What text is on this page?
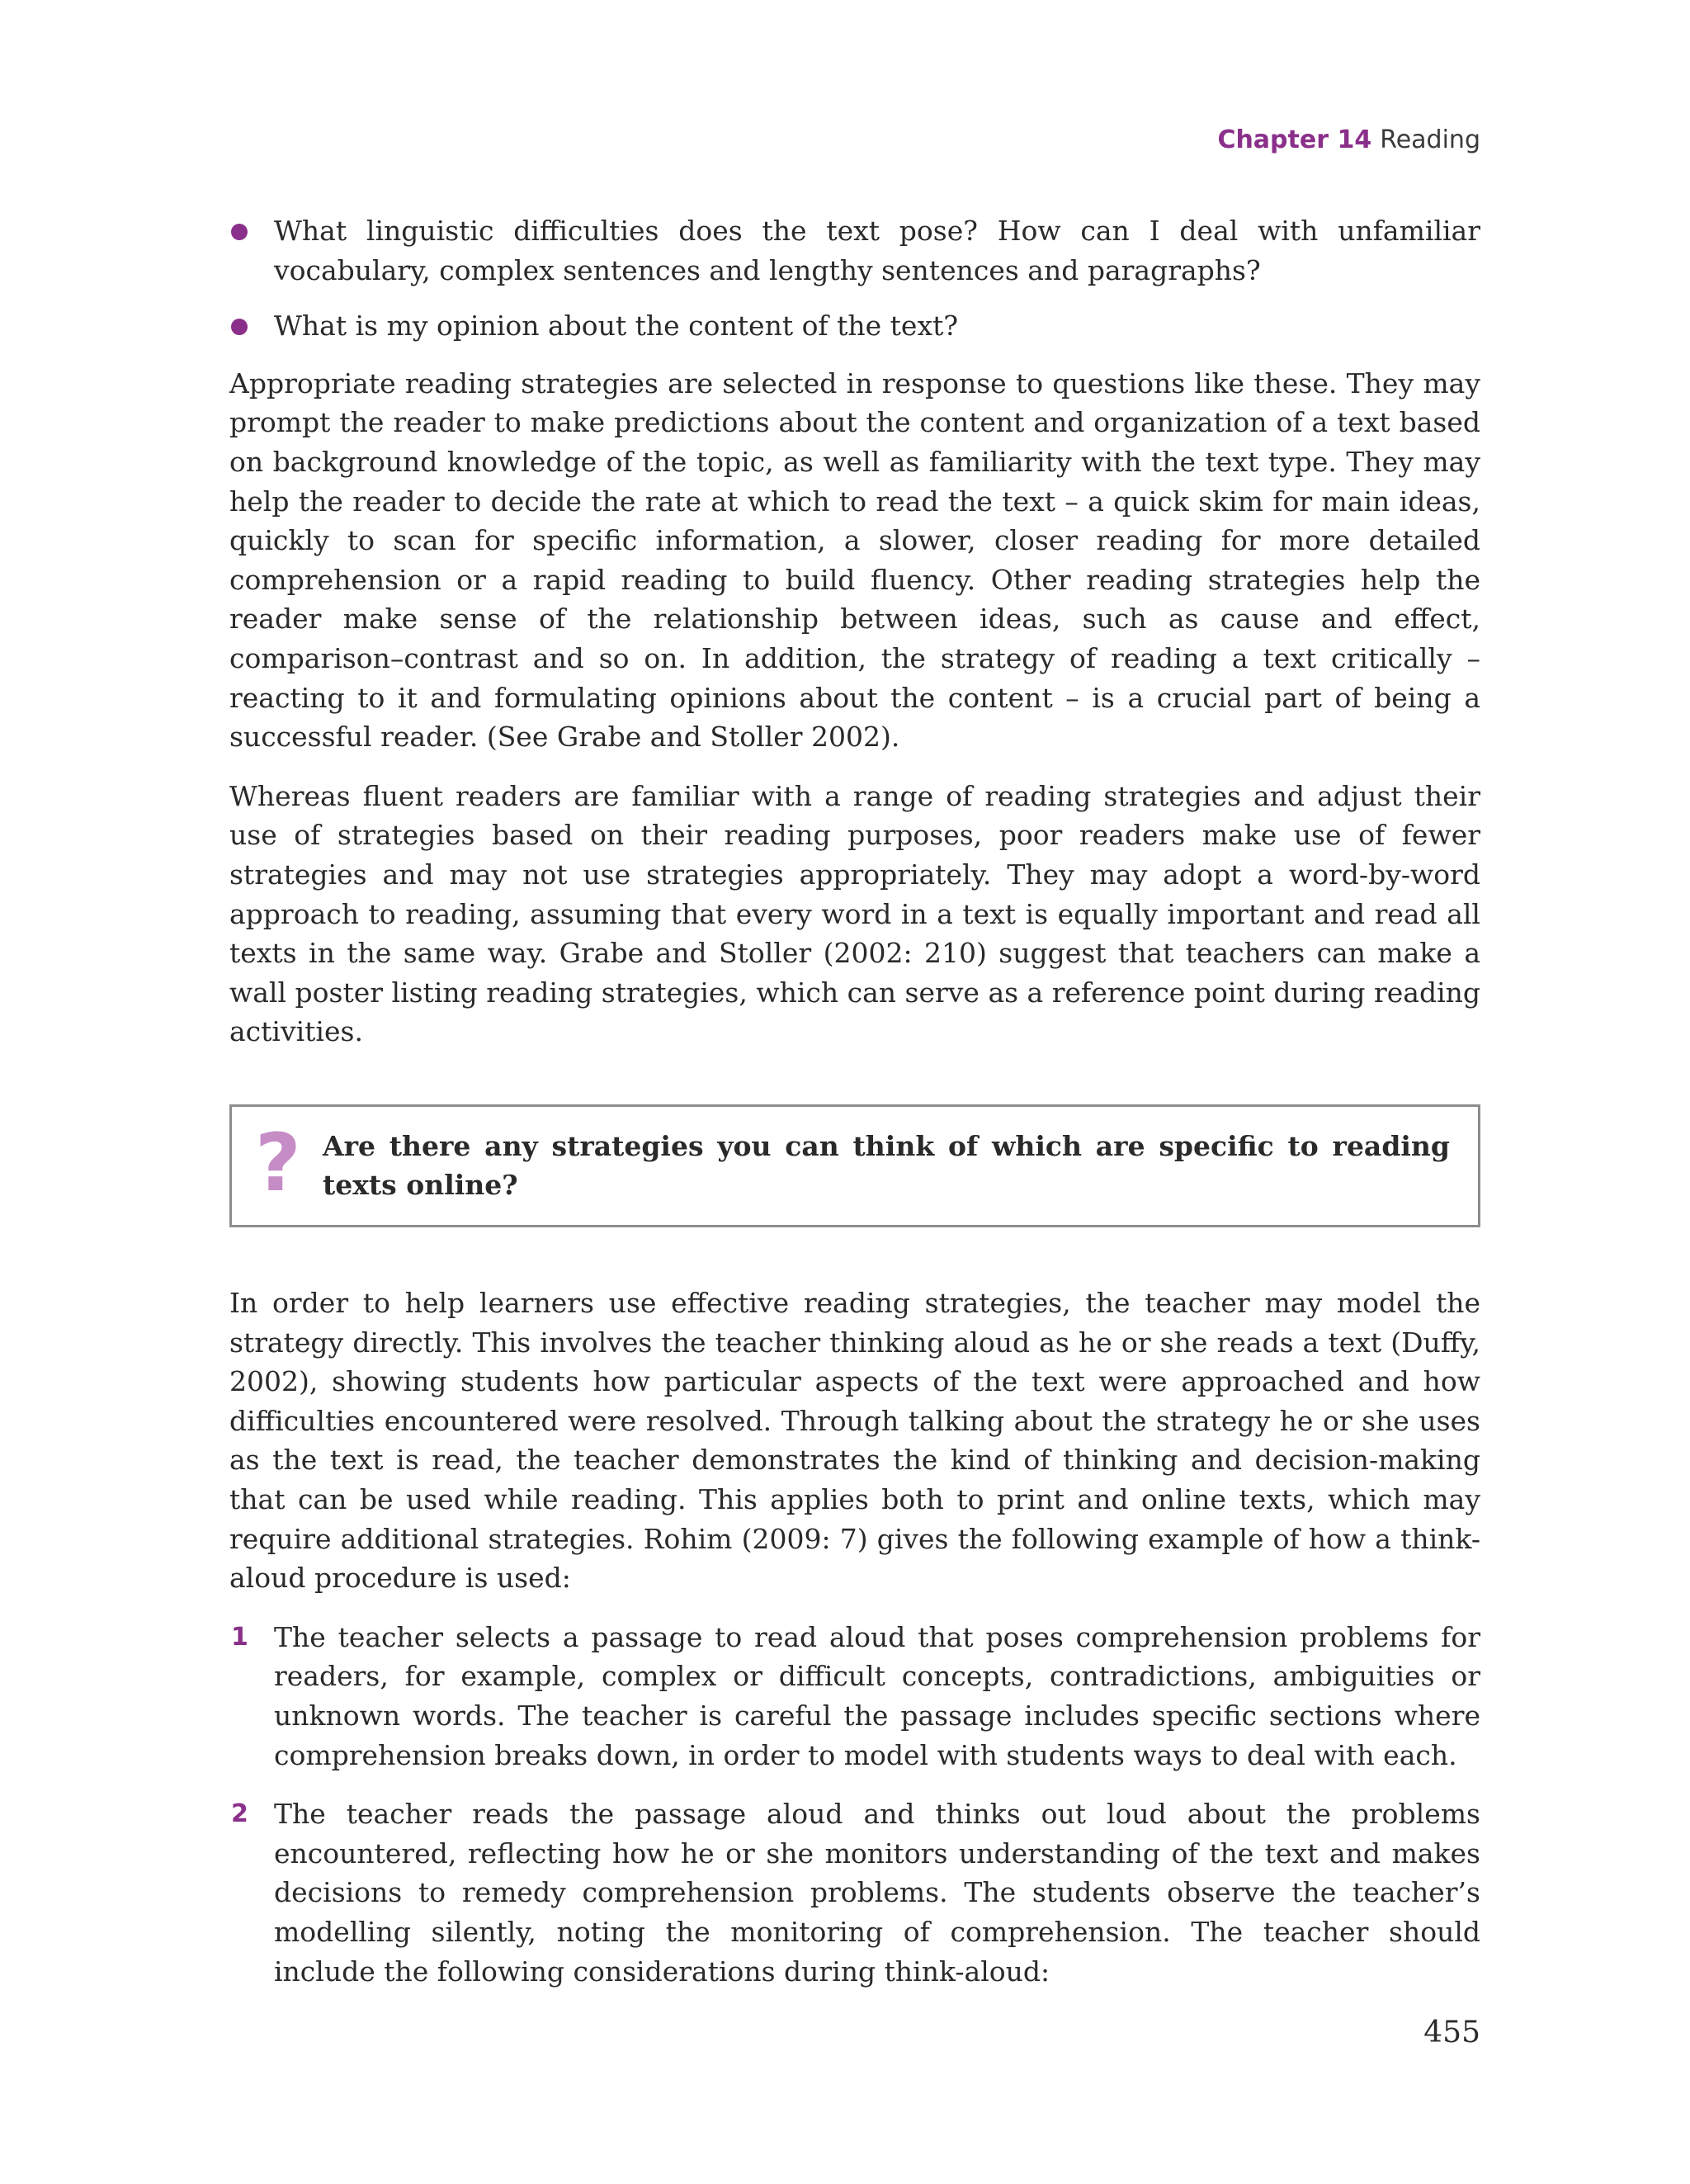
Chapter 14 Reading
What linguistic difficulties does the text pose? How can I deal with unfamiliar vocabulary, complex sentences and lengthy sentences and paragraphs?
What is my opinion about the content of the text?

Appropriate reading strategies are selected in response to questions like these. They may prompt the reader to make predictions about the content and organization of a text based on background knowledge of the topic, as well as familiarity with the text type. They may help the reader to decide the rate at which to read the text – a quick skim for main ideas, quickly to scan for specific information, a slower, closer reading for more detailed comprehension or a rapid reading to build fluency. Other reading strategies help the reader make sense of the relationship between ideas, such as cause and effect, comparison–contrast and so on. In addition, the strategy of reading a text critically – reacting to it and formulating opinions about the content – is a crucial part of being a successful reader. (See Grabe and Stoller 2002).

Whereas fluent readers are familiar with a range of reading strategies and adjust their use of strategies based on their reading purposes, poor readers make use of fewer strategies and may not use strategies appropriately. They may adopt a word-by-word approach to reading, assuming that every word in a text is equally important and read all texts in the same way. Grabe and Stoller (2002: 210) suggest that teachers can make a wall poster listing reading strategies, which can serve as a reference point during reading activities.

? Are there any strategies you can think of which are specific to reading texts online?

In order to help learners use effective reading strategies, the teacher may model the strategy directly. This involves the teacher thinking aloud as he or she reads a text (Duffy, 2002), showing students how particular aspects of the text were approached and how difficulties encountered were resolved. Through talking about the strategy he or she uses as the text is read, the teacher demonstrates the kind of thinking and decision-making that can be used while reading. This applies both to print and online texts, which may require additional strategies. Rohim (2009: 7) gives the following example of how a think-aloud procedure is used:

1 The teacher selects a passage to read aloud that poses comprehension problems for readers, for example, complex or difficult concepts, contradictions, ambiguities or unknown words. The teacher is careful the passage includes specific sections where comprehension breaks down, in order to model with students ways to deal with each.
2 The teacher reads the passage aloud and thinks out loud about the problems encountered, reflecting how he or she monitors understanding of the text and makes decisions to remedy comprehension problems. The students observe the teacher’s modelling silently, noting the monitoring of comprehension. The teacher should include the following considerations during think-aloud:
455
